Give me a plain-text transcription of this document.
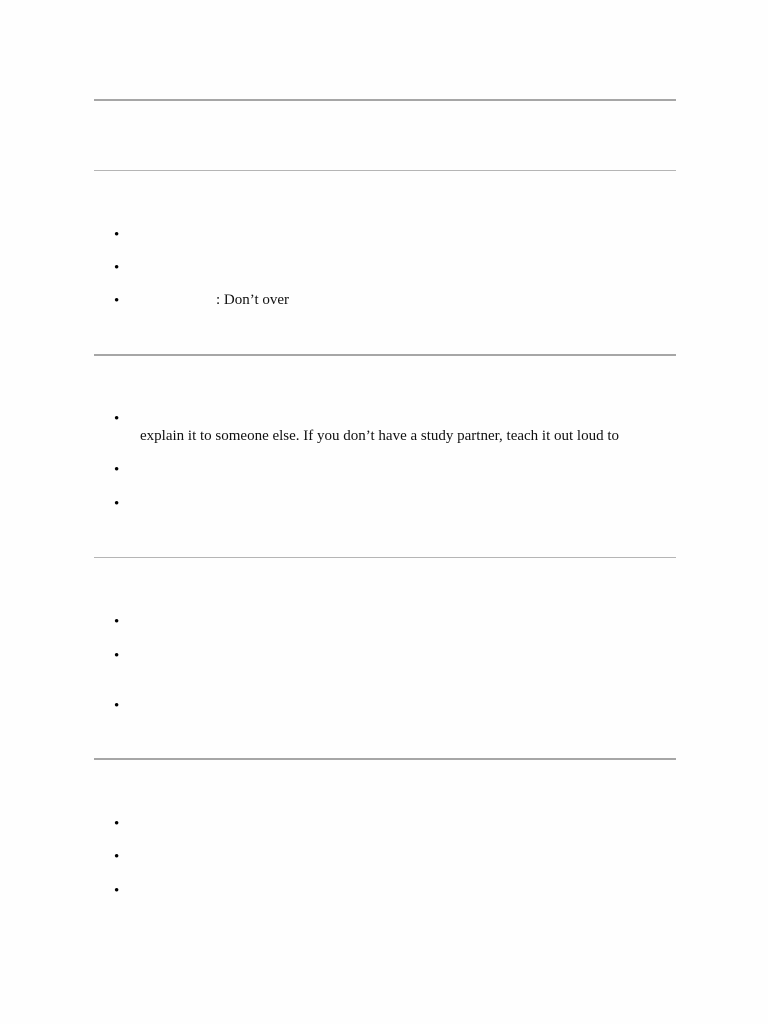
•
•
•	: Don’t over
•
explain it to someone else. If you don’t have a study partner, teach it out loud to
•
•
•
•
•
•
•
•
